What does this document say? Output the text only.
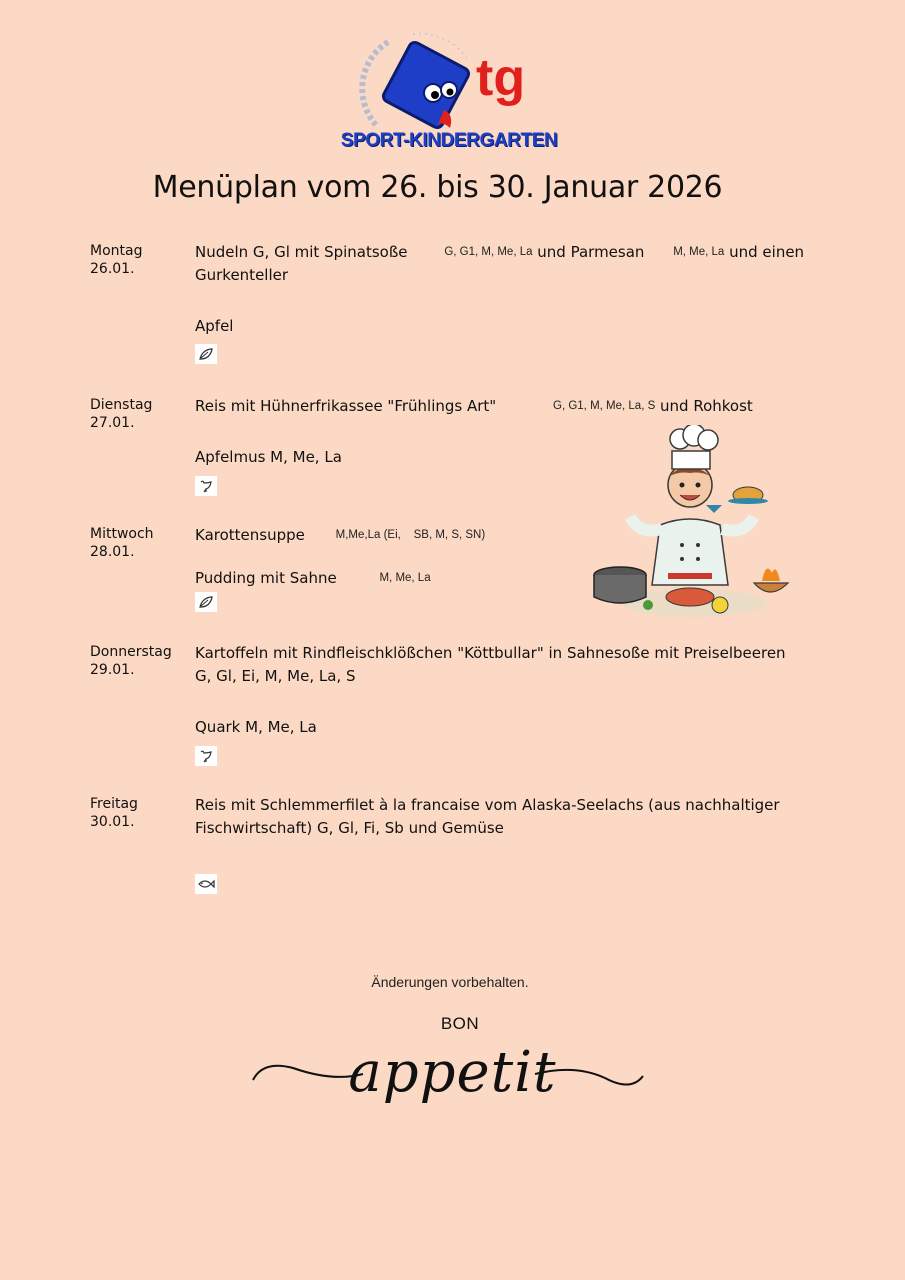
tg
SPORT-KINDERGARTEN
Menüplan vom 26. bis 30. Januar 2026
Montag
26.01.
Nudeln G, Gl mit Spinatsoße	G, G1, M, Me, La und Parmesan	M, Me, La und einen
Gurkenteller
Apfel
Dienstag
27.01.
Reis mit Hühnerfrikassee "Frühlings Art"	G, G1, M, Me, La, S und Rohkost
Apfelmus M, Me, La
Mittwoch
28.01.
Karottensuppe	M,Me,La (Ei, SB, M, S, SN)
Pudding mit Sahne	M, Me, La
Donnerstag
29.01.
Kartoffeln mit Rindfleischklößchen "Köttbullar" in Sahnesoße mit Preiselbeeren
G, Gl, Ei, M, Me, La, S
Quark M, Me, La
Freitag
30.01.
Reis mit Schlemmerfilet à la francaise vom Alaska-Seelachs (aus nachhaltiger
Fischwirtschaft) G, Gl, Fi, Sb und Gemüse
Änderungen vorbehalten.
BON
appetit
